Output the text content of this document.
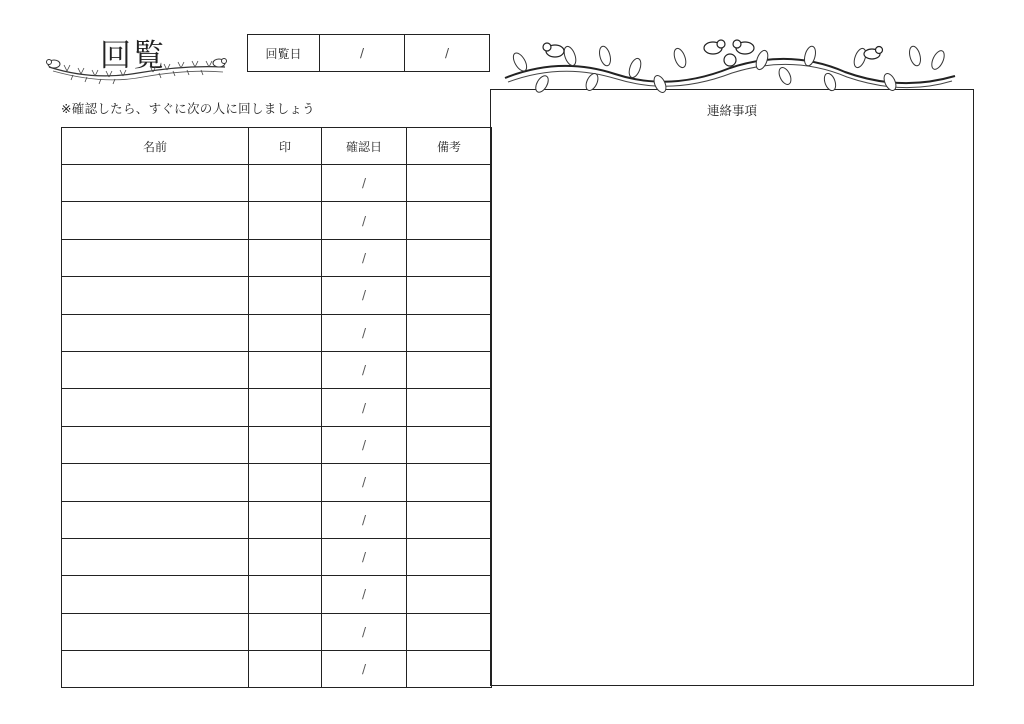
回覧	回覧日	/	/
※確認したら、すぐに次の人に回しましょう
名前	印	確認日	備考
		/	
		/	
		/	
		/	
		/	
		/	
		/	
		/	
		/	
		/	
		/	
		/	
		/	
		/	
連絡事項
